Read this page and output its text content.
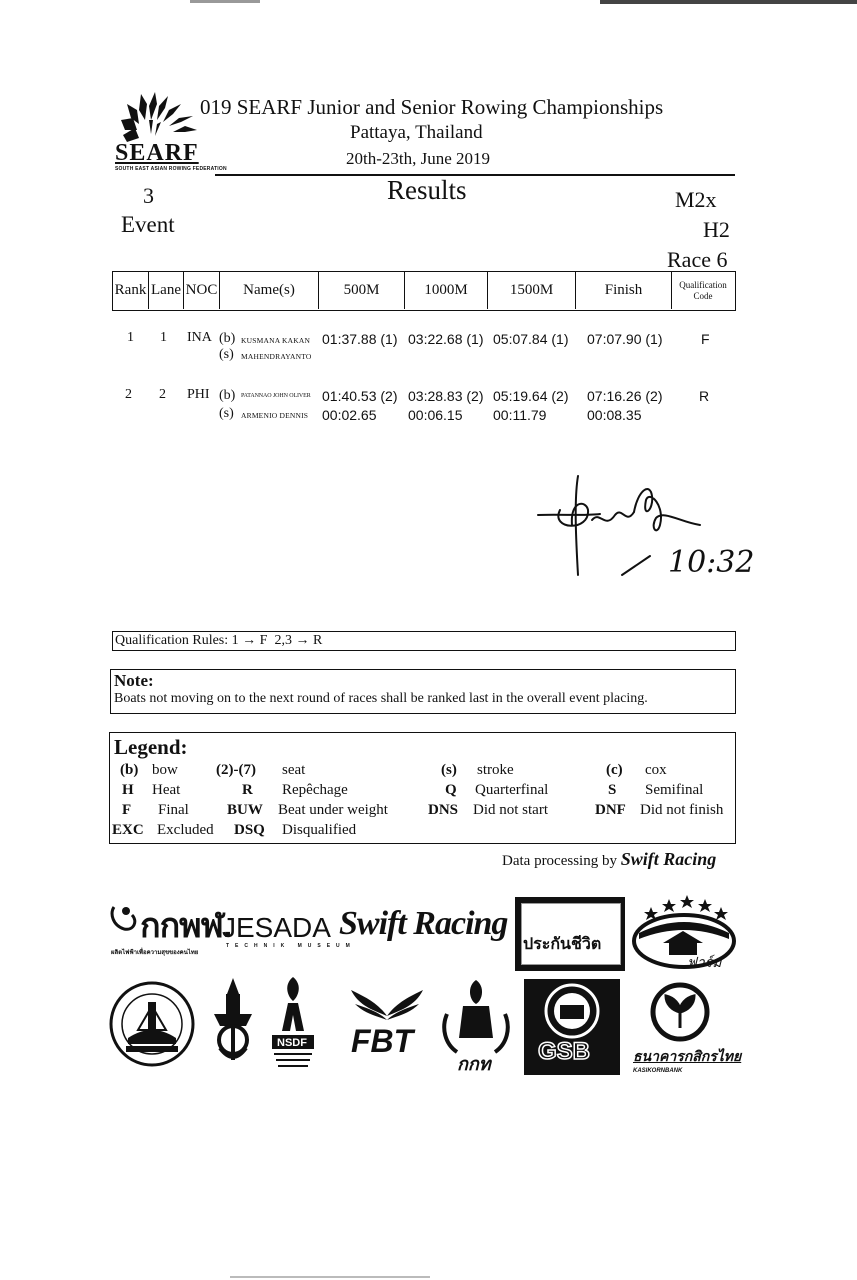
SEARF
SOUTH EAST ASIAN ROWING FEDERATION
019 SEARF Junior and Senior Rowing Championships
Pattaya, Thailand
20th-23th, June 2019
3
Event
Results	M2x
H2
Race 6
Rank Lane NOC	Name(s)	500M	1000M	1500M	Finish	Qualification Code
1 1 INA (b) KUSMANA KAKAN
(s) MAHENDRAYANTO
01:37.88 (1) 03:22.68 (1) 05:07.84 (1) 07:07.90 (1)	F
2 2 PHI (b) PATANNAO JOHN OLIVER
(s) ARMENIO DENNIS
01:40.53 (2) 03:28.83 (2) 05:19.64 (2) 07:16.26 (2)	R
00:02.65 00:06.15 00:11.79	00:08.35
10:32
Qualification Rules: 1 → F 2,3 → R
Note:
Boats not moving on to the next round of races shall be ranked last in the overall event placing.
Legend:
(b) bow	(2)-(7) seat	(s) stroke	(c) cox
H Heat	R Repêchage	Q Quarterfinal	S Semifinal
F Final	BUW Beat under weight	DNS Did not start	DNF Did not finish
EXC Excluded DSQ Disqualified
Data processing by Swift Racing
กกพฬ.
ผลิตไฟฟ้าเพื่อความสุขของคนไทย
JESADA
TECHNIK MUSEUM
Swift Racing
ประกันชีวิต
ฟาร์ม
NSDF FBT
กกท GSB	ธนาคารกสิกรไทย
KASIKORNBANK
